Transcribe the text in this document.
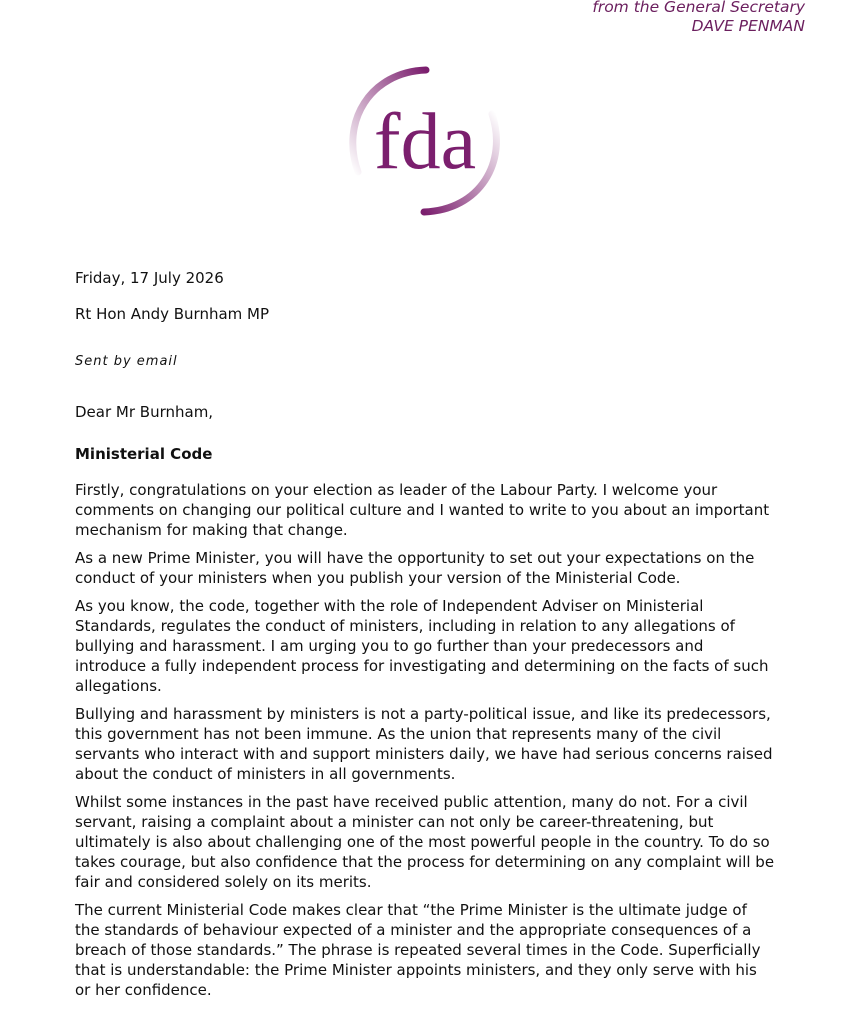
from the General Secretary
DAVE PENMAN
fda

Friday, 17 July 2026

Rt Hon Andy Burnham MP

Sent by email

Dear Mr Burnham,

Ministerial Code

Firstly, congratulations on your election as leader of the Labour Party. I welcome your comments on changing our political culture and I wanted to write to you about an important mechanism for making that change.

As a new Prime Minister, you will have the opportunity to set out your expectations on the conduct of your ministers when you publish your version of the Ministerial Code.

As you know, the code, together with the role of Independent Adviser on Ministerial Standards, regulates the conduct of ministers, including in relation to any allegations of bullying and harassment. I am urging you to go further than your predecessors and introduce a fully independent process for investigating and determining on the facts of such allegations.

Bullying and harassment by ministers is not a party-political issue, and like its predecessors, this government has not been immune. As the union that represents many of the civil servants who interact with and support ministers daily, we have had serious concerns raised about the conduct of ministers in all governments.

Whilst some instances in the past have received public attention, many do not. For a civil servant, raising a complaint about a minister can not only be career-threatening, but ultimately is also about challenging one of the most powerful people in the country. To do so takes courage, but also confidence that the process for determining on any complaint will be fair and considered solely on its merits.

The current Ministerial Code makes clear that “the Prime Minister is the ultimate judge of the standards of behaviour expected of a minister and the appropriate consequences of a breach of those standards.” The phrase is repeated several times in the Code. Superficially that is understandable: the Prime Minister appoints ministers, and they only serve with his or her confidence.
